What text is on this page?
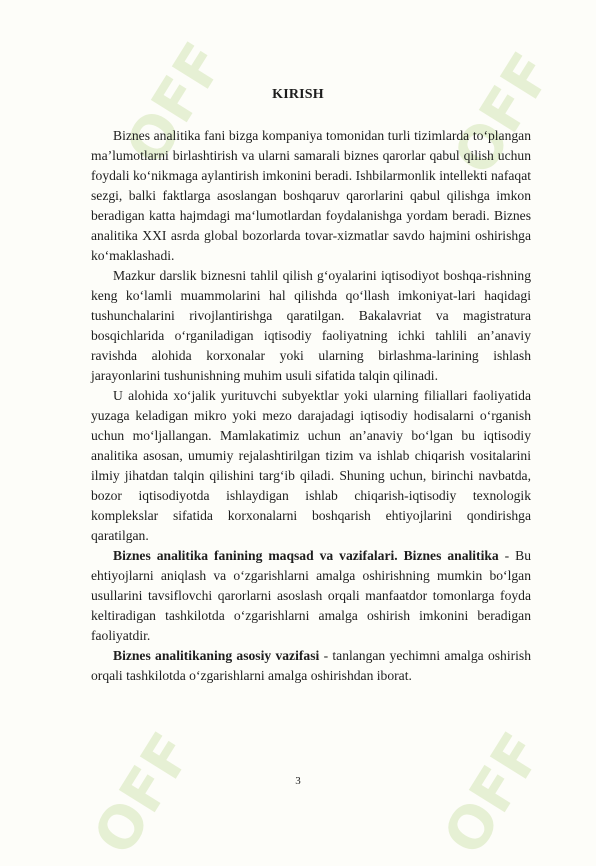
OFF	OFF
OFF	OFF
KIRISH

Biznes analitika fani bizga kompaniya tomonidan turli tizimlarda to‘plangan ma’lumotlarni birlashtirish va ularni samarali biznes qarorlar qabul qilish uchun foydali ko‘nikmaga aylantirish imkonini beradi. Ishbilarmonlik intellekti nafaqat sezgi, balki faktlarga asoslangan boshqaruv qarorlarini qabul qilishga imkon beradigan katta hajmdagi ma‘lumotlardan foydalanishga yordam beradi. Biznes analitika XXI asrda global bozorlarda tovar-xizmatlar savdo hajmini oshirishga ko‘maklashadi.

Mazkur darslik biznesni tahlil qilish g‘oyalarini iqtisodiyot boshqa-rishning keng ko‘lamli muammolarini hal qilishda qo‘llash imkoniyat-lari haqidagi tushunchalarini rivojlantirishga qaratilgan. Bakalavriat va magistratura bosqichlarida o‘rganiladigan iqtisodiy faoliyatning ichki tahlili an’anaviy ravishda alohida korxonalar yoki ularning birlashma-larining ishlash jarayonlarini tushunishning muhim usuli sifatida talqin qilinadi.

U alohida xo‘jalik yurituvchi subyektlar yoki ularning filiallari faoliyatida yuzaga keladigan mikro yoki mezo darajadagi iqtisodiy hodisalarni o‘rganish uchun mo‘ljallangan. Mamlakatimiz uchun an’anaviy bo‘lgan bu iqtisodiy analitika asosan, umumiy rejalashtirilgan tizim va ishlab chiqarish vositalarini ilmiy jihatdan talqin qilishini targ‘ib qiladi. Shuning uchun, birinchi navbatda, bozor iqtisodiyotda ishlaydigan ishlab chiqarish-iqtisodiy texnologik komplekslar sifatida korxonalarni boshqarish ehtiyojlarini qondirishga qaratilgan.

Biznes analitika fanining maqsad va vazifalari. Biznes analitika - Bu ehtiyojlarni aniqlash va o‘zgarishlarni amalga oshirishning mumkin bo‘lgan usullarini tavsiflovchi qarorlarni asoslash orqali manfaatdor tomonlarga foyda keltiradigan tashkilotda o‘zgarishlarni amalga oshirish imkonini beradigan faoliyatdir.

Biznes analitikaning asosiy vazifasi - tanlangan yechimni amalga oshirish orqali tashkilotda o‘zgarishlarni amalga oshirishdan iborat.

3
